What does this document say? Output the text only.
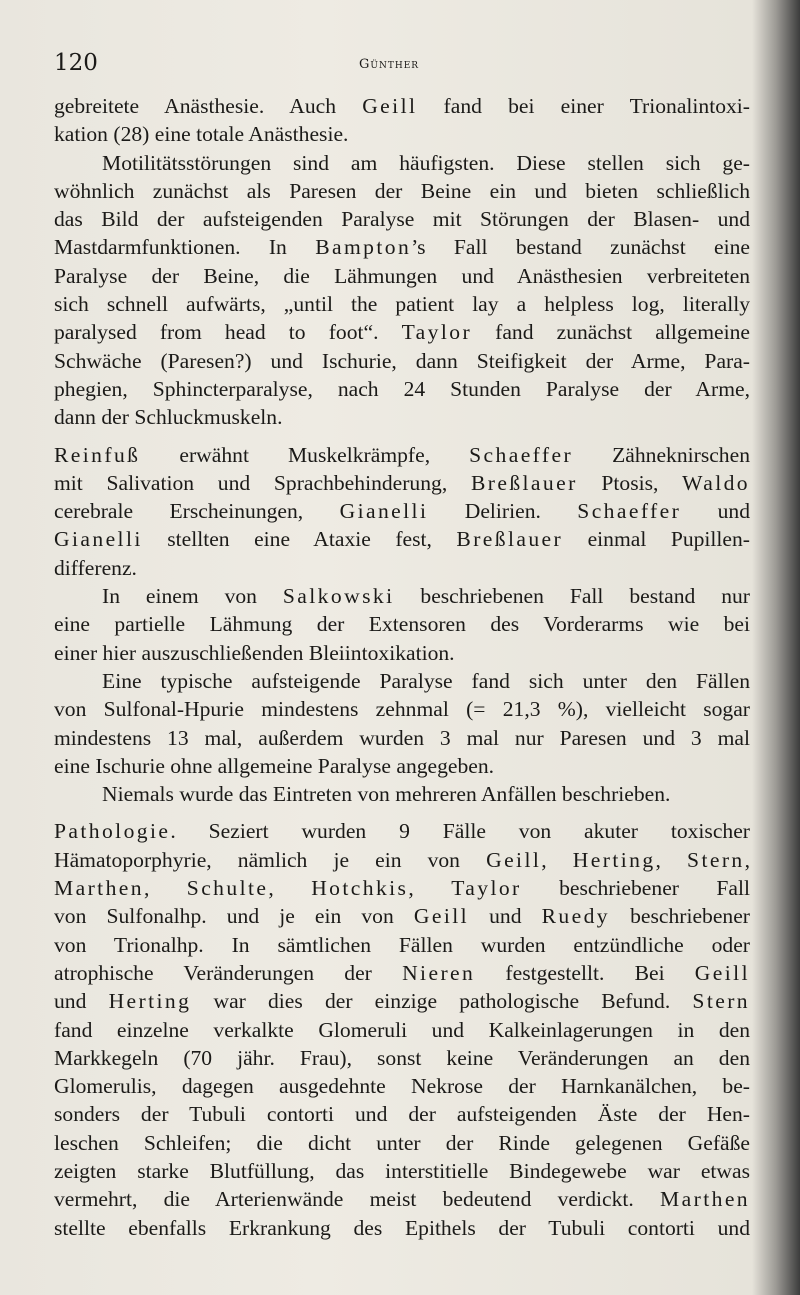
120	Günther
gebreitete Anästhesie. Auch Geill fand bei einer Trionalintoxi-
kation (28) eine totale Anästhesie.
Motilitätsstörungen sind am häufigsten. Diese stellen sich ge-
wöhnlich zunächst als Paresen der Beine ein und bieten schließlich
das Bild der aufsteigenden Paralyse mit Störungen der Blasen- und
Mastdarmfunktionen. In Bampton’s Fall bestand zunächst eine
Paralyse der Beine, die Lähmungen und Anästhesien verbreiteten
sich schnell aufwärts, „until the patient lay a helpless log, literally
paralysed from head to foot“. Taylor fand zunächst allgemeine
Schwäche (Paresen?) und Ischurie, dann Steifigkeit der Arme, Para-
phegien, Sphincterparalyse, nach 24 Stunden Paralyse der Arme,
dann der Schluckmuskeln.
Reinfuß erwähnt Muskelkrämpfe, Schaeffer Zähneknirschen
mit Salivation und Sprachbehinderung, Breßlauer Ptosis, Waldo
cerebrale Erscheinungen, Gianelli Delirien. Schaeffer und
Gianelli stellten eine Ataxie fest, Breßlauer einmal Pupillen-
differenz.
In einem von Salkowski beschriebenen Fall bestand nur
eine partielle Lähmung der Extensoren des Vorderarms wie bei
einer hier auszuschließenden Bleiintoxikation.
Eine typische aufsteigende Paralyse fand sich unter den Fällen
von Sulfonal-Hpurie mindestens zehnmal (= 21,3 %), vielleicht sogar
mindestens 13 mal, außerdem wurden 3 mal nur Paresen und 3 mal
eine Ischurie ohne allgemeine Paralyse angegeben.
Niemals wurde das Eintreten von mehreren Anfällen beschrieben.
Pathologie. Seziert wurden 9 Fälle von akuter toxischer
Hämatoporphyrie, nämlich je ein von Geill, Herting, Stern,
Marthen, Schulte, Hotchkis, Taylor beschriebener Fall
von Sulfonalhp. und je ein von Geill und Ruedy beschriebener
von Trionalhp. In sämtlichen Fällen wurden entzündliche oder
atrophische Veränderungen der Nieren festgestellt. Bei Geill
und Herting war dies der einzige pathologische Befund. Stern
fand einzelne verkalkte Glomeruli und Kalkeinlagerungen in den
Markkegeln (70 jähr. Frau), sonst keine Veränderungen an den
Glomerulis, dagegen ausgedehnte Nekrose der Harnkanälchen, be-
sonders der Tubuli contorti und der aufsteigenden Äste der Hen-
leschen Schleifen; die dicht unter der Rinde gelegenen Gefäße
zeigten starke Blutfüllung, das interstitielle Bindegewebe war etwas
vermehrt, die Arterienwände meist bedeutend verdickt. Marthen
stellte ebenfalls Erkrankung des Epithels der Tubuli contorti und
